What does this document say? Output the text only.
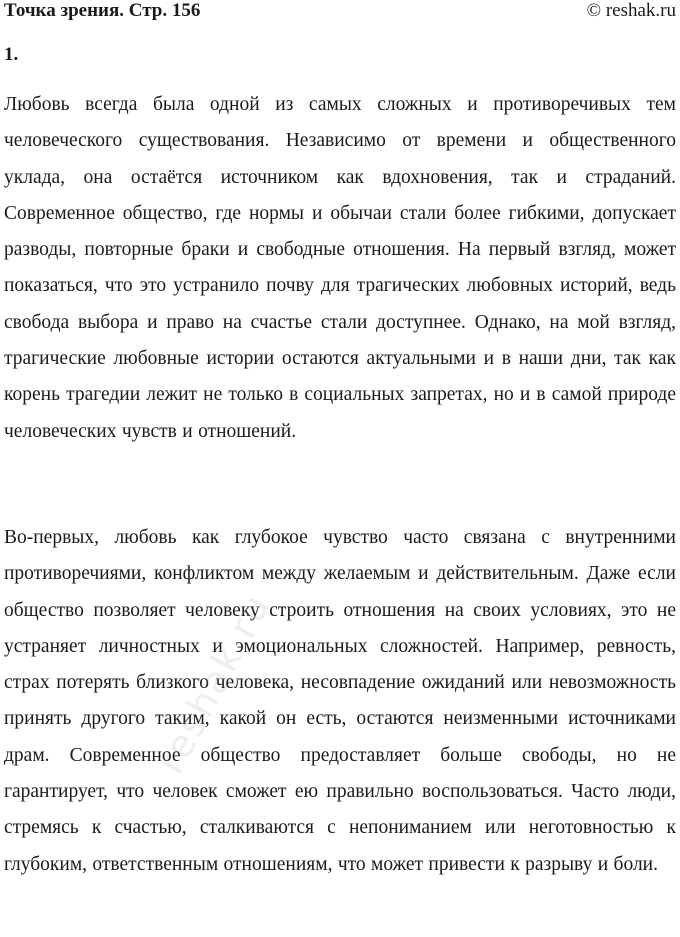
Точка зрения. Стр. 156	© reshak.ru
1.

Любовь всегда была одной из самых сложных и противоречивых тем человеческого существования. Независимо от времени и общественного уклада, она остаётся источником как вдохновения, так и страданий. Современное общество, где нормы и обычаи стали более гибкими, допускает разводы, повторные браки и свободные отношения. На первый взгляд, может показаться, что это устранило почву для трагических любовных историй, ведь свобода выбора и право на счастье стали доступнее. Однако, на мой взгляд, трагические любовные истории остаются актуальными и в наши дни, так как корень трагедии лежит не только в социальных запретах, но и в самой природе человеческих чувств и отношений.

Во-первых, любовь как глубокое чувство часто связана с внутренними противоречиями, конфликтом между желаемым и действительным. Даже если общество позволяет человеку строить отношения на своих условиях, это не устраняет личностных и эмоциональных сложностей. Например, ревность, страх потерять близкого человека, несовпадение ожиданий или невозможность принять другого таким, какой он есть, остаются неизменными источниками драм. Современное общество предоставляет больше свободы, но не гарантирует, что человек сможет ею правильно воспользоваться. Часто люди, стремясь к счастью, сталкиваются с непониманием или неготовностью к глубоким, ответственным отношениям, что может привести к разрыву и боли.

reshak.ru
